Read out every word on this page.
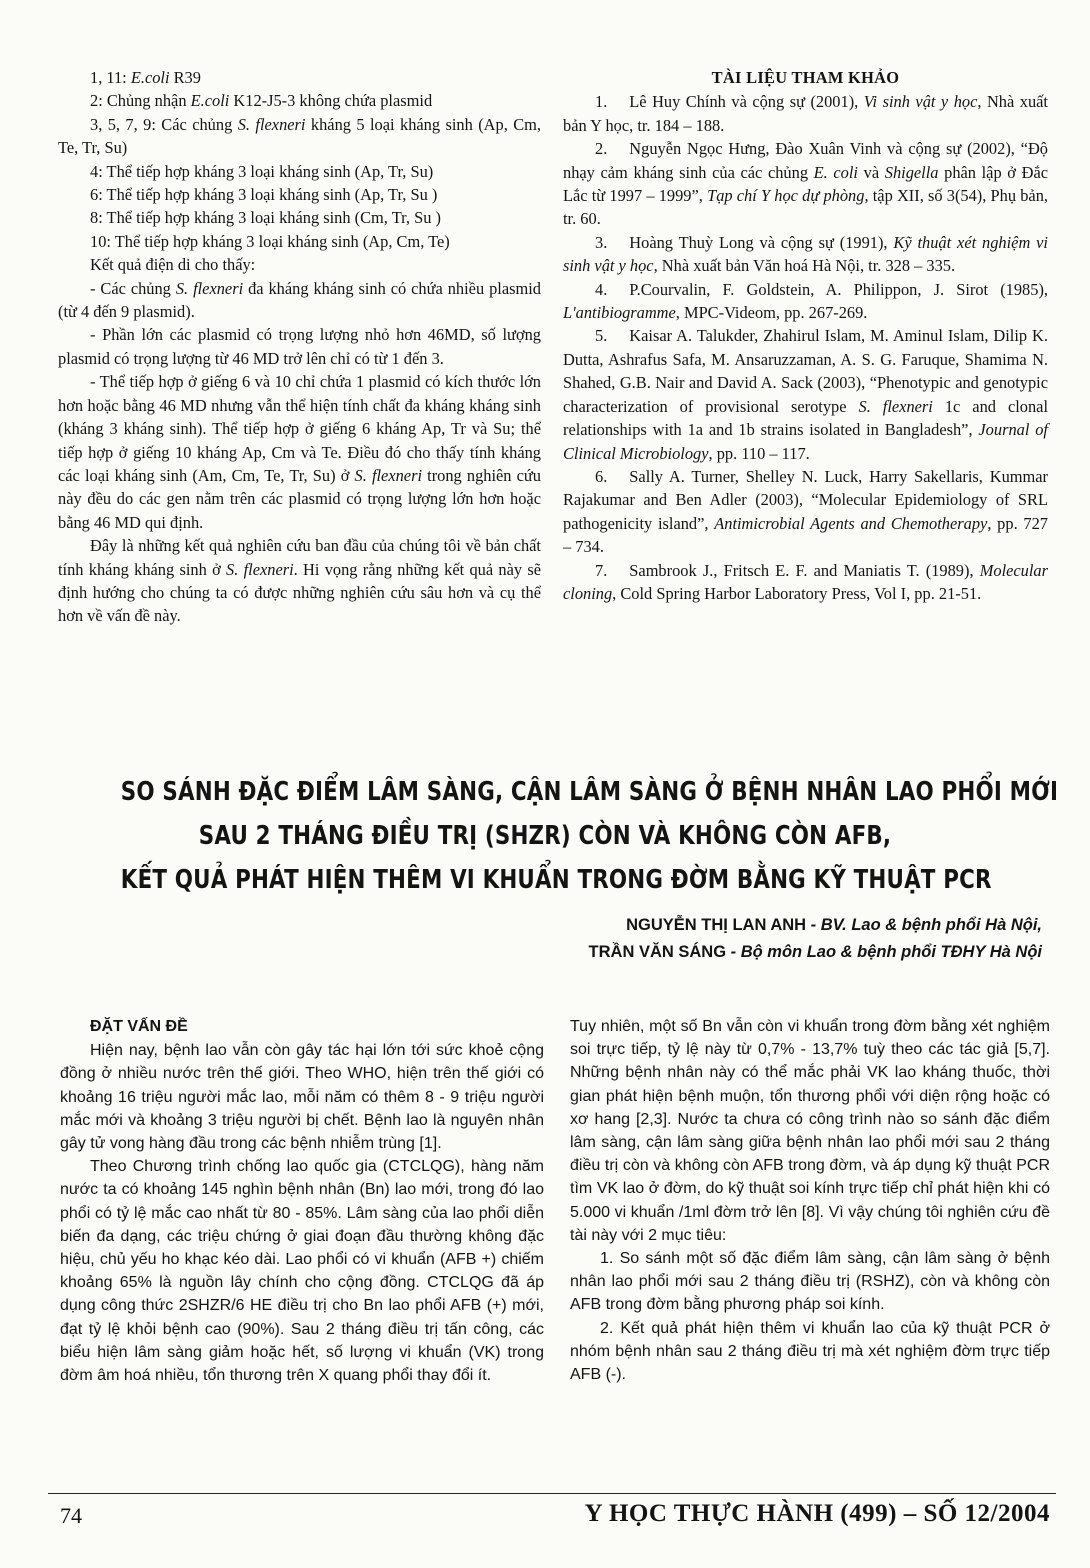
1, 11: E.coli R39

2: Chủng nhận E.coli K12-J5-3 không chứa plasmid

3, 5, 7, 9: Các chủng S. flexneri kháng 5 loại kháng sinh (Ap, Cm, Te, Tr, Su)

4: Thể tiếp hợp kháng 3 loại kháng sinh (Ap, Tr, Su)

6: Thể tiếp hợp kháng 3 loại kháng sinh (Ap, Tr, Su )

8: Thể tiếp hợp kháng 3 loại kháng sinh (Cm, Tr, Su )

10: Thể tiếp hợp kháng 3 loại kháng sinh (Ap, Cm, Te)

Kết quả điện di cho thấy:

- Các chủng S. flexneri đa kháng kháng sinh có chứa nhiều plasmid (từ 4 đến 9 plasmid).

- Phần lớn các plasmid có trọng lượng nhỏ hơn 46MD, số lượng plasmid có trọng lượng từ 46 MD trở lên chỉ có từ 1 đến 3.

- Thể tiếp hợp ở giếng 6 và 10 chỉ chứa 1 plasmid có kích thước lớn hơn hoặc bằng 46 MD nhưng vẫn thể hiện tính chất đa kháng kháng sinh (kháng 3 kháng sinh). Thể tiếp hợp ở giếng 6 kháng Ap, Tr và Su; thể tiếp hợp ở giếng 10 kháng Ap, Cm và Te. Điều đó cho thấy tính kháng các loại kháng sinh (Am, Cm, Te, Tr, Su) ở S. flexneri trong nghiên cứu này đều do các gen nằm trên các plasmid có trọng lượng lớn hơn hoặc bằng 46 MD qui định.

Đây là những kết quả nghiên cứu ban đầu của chúng tôi về bản chất tính kháng kháng sinh ở S. flexneri. Hi vọng rằng những kết quả này sẽ định hướng cho chúng ta có được những nghiên cứu sâu hơn và cụ thể hơn về vấn đề này.

TÀI LIỆU THAM KHẢO

1. Lê Huy Chính và cộng sự (2001), Vi sinh vật y học, Nhà xuất bản Y học, tr. 184 – 188.

2. Nguyễn Ngọc Hưng, Đào Xuân Vinh và cộng sự (2002), “Độ nhạy cảm kháng sinh của các chủng E. coli và Shigella phân lập ở Đắc Lắc từ 1997 – 1999”, Tạp chí Y học dự phòng, tập XII, số 3(54), Phụ bản, tr. 60.

3. Hoàng Thuỳ Long và cộng sự (1991), Kỹ thuật xét nghiệm vi sinh vật y học, Nhà xuất bản Văn hoá Hà Nội, tr. 328 – 335.

4. P.Courvalin, F. Goldstein, A. Philippon, J. Sirot (1985), L'antibiogramme, MPC-Videom, pp. 267-269.

5. Kaisar A. Talukder, Zhahirul Islam, M. Aminul Islam, Dilip K. Dutta, Ashrafus Safa, M. Ansaruzzaman, A. S. G. Faruque, Shamima N. Shahed, G.B. Nair and David A. Sack (2003), “Phenotypic and genotypic characterization of provisional serotype S. flexneri 1c and clonal relationships with 1a and 1b strains isolated in Bangladesh”, Journal of Clinical Microbiology, pp. 110 – 117.

6. Sally A. Turner, Shelley N. Luck, Harry Sakellaris, Kummar Rajakumar and Ben Adler (2003), “Molecular Epidemiology of SRL pathogenicity island”, Antimicrobial Agents and Chemotherapy, pp. 727 – 734.

7. Sambrook J., Fritsch E. F. and Maniatis T. (1989), Molecular cloning, Cold Spring Harbor Laboratory Press, Vol I, pp. 21-51.

SO SÁNH ĐẶC ĐIỂM LÂM SÀNG, CẬN LÂM SÀNG Ở BỆNH NHÂN LAO PHỔI MỚI
SAU 2 THÁNG ĐIỀU TRỊ (SHZR) CÒN VÀ KHÔNG CÒN AFB,
KẾT QUẢ PHÁT HIỆN THÊM VI KHUẨN TRONG ĐỜM BẰNG KỸ THUẬT PCR
NGUYỄN THỊ LAN ANH - BV. Lao & bệnh phổi Hà Nội,
TRẦN VĂN SÁNG - Bộ môn Lao & bệnh phổi TĐHY Hà Nội

ĐẶT VẤN ĐỀ

Hiện nay, bệnh lao vẫn còn gây tác hại lớn tới sức khoẻ cộng đồng ở nhiều nước trên thế giới. Theo WHO, hiện trên thế giới có khoảng 16 triệu người mắc lao, mỗi năm có thêm 8 - 9 triệu người mắc mới và khoảng 3 triệu người bị chết. Bệnh lao là nguyên nhân gây tử vong hàng đầu trong các bệnh nhiễm trùng [1].

Theo Chương trình chống lao quốc gia (CTCLQG), hàng năm nước ta có khoảng 145 nghìn bệnh nhân (Bn) lao mới, trong đó lao phổi có tỷ lệ mắc cao nhất từ 80 - 85%. Lâm sàng của lao phổi diễn biến đa dạng, các triệu chứng ở giai đoạn đầu thường không đặc hiệu, chủ yếu ho khạc kéo dài. Lao phổi có vi khuẩn (AFB +) chiếm khoảng 65% là nguồn lây chính cho cộng đồng. CTCLQG đã áp dụng công thức 2SHZR/6 HE điều trị cho Bn lao phổi AFB (+) mới, đạt tỷ lệ khỏi bệnh cao (90%). Sau 2 tháng điều trị tấn công, các biểu hiện lâm sàng giảm hoặc hết, số lượng vi khuẩn (VK) trong đờm âm hoá nhiều, tổn thương trên X quang phổi thay đổi ít.

Tuy nhiên, một số Bn vẫn còn vi khuẩn trong đờm bằng xét nghiệm soi trực tiếp, tỷ lệ này từ 0,7% - 13,7% tuỳ theo các tác giả [5,7]. Những bệnh nhân này có thể mắc phải VK lao kháng thuốc, thời gian phát hiện bệnh muộn, tổn thương phổi với diện rộng hoặc có xơ hang [2,3]. Nước ta chưa có công trình nào so sánh đặc điểm lâm sàng, cận lâm sàng giữa bệnh nhân lao phổi mới sau 2 tháng điều trị còn và không còn AFB trong đờm, và áp dụng kỹ thuật PCR tìm VK lao ở đờm, do kỹ thuật soi kính trực tiếp chỉ phát hiện khi có 5.000 vi khuẩn /1ml đờm trở lên [8]. Vì vậy chúng tôi nghiên cứu đề tài này với 2 mục tiêu:

1. So sánh một số đặc điểm lâm sàng, cận lâm sàng ở bệnh nhân lao phổi mới sau 2 tháng điều trị (RSHZ), còn và không còn AFB trong đờm bằng phương pháp soi kính.

2. Kết quả phát hiện thêm vi khuẩn lao của kỹ thuật PCR ở nhóm bệnh nhân sau 2 tháng điều trị mà xét nghiệm đờm trực tiếp AFB (-).

74	Y HỌC THỰC HÀNH (499) – SỐ 12/2004
